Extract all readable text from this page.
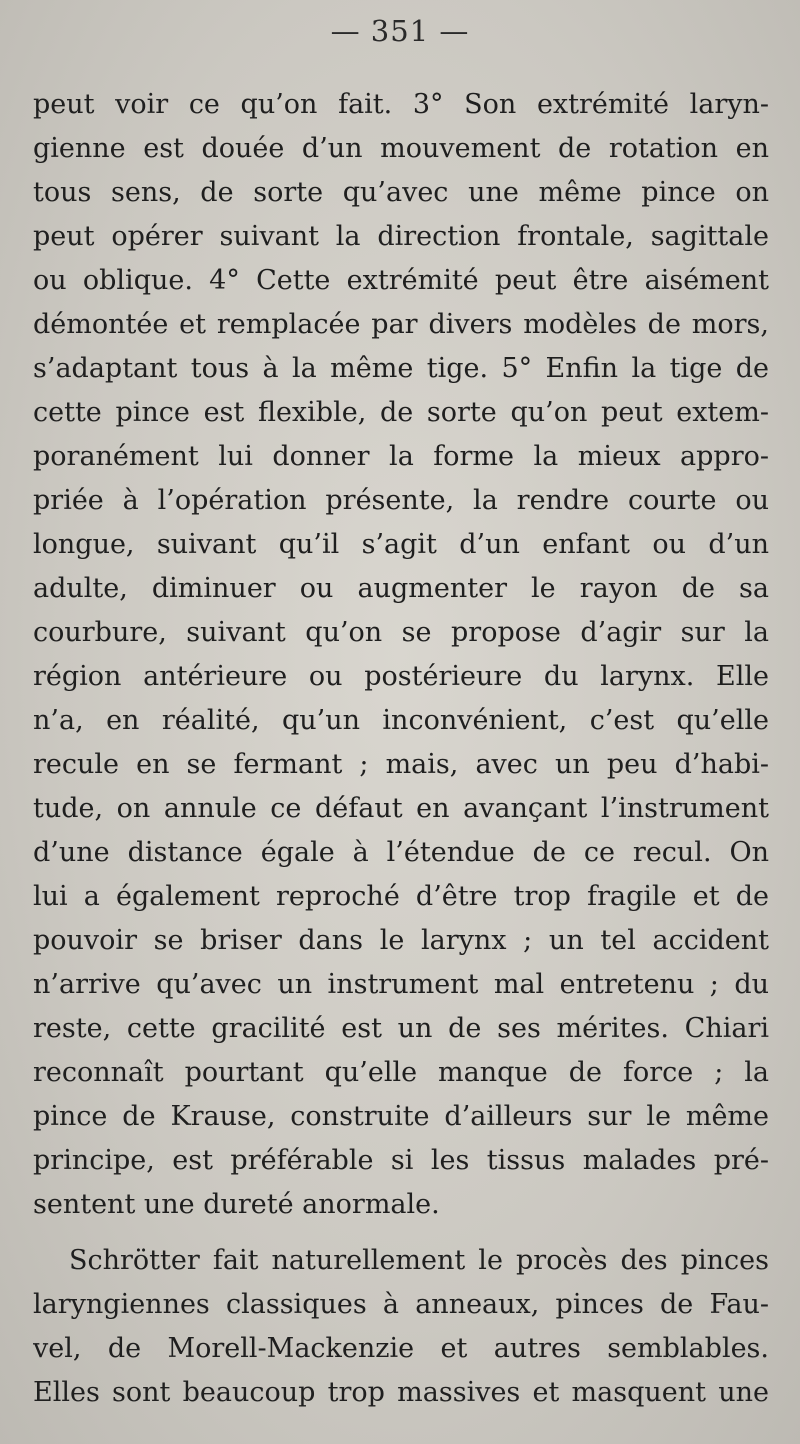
— 351 —
peut voir ce qu’on fait. 3° Son extrémité laryn-
gienne est douée d’un mouvement de rotation en
tous sens, de sorte qu’avec une même pince on
peut opérer suivant la direction frontale, sagittale
ou oblique. 4° Cette extrémité peut être aisément
démontée et remplacée par divers modèles de mors,
s’adaptant tous à la même tige. 5° Enfin la tige de
cette pince est flexible, de sorte qu’on peut extem-
poranément lui donner la forme la mieux appro-
priée à l’opération présente, la rendre courte ou
longue, suivant qu’il s’agit d’un enfant ou d’un
adulte, diminuer ou augmenter le rayon de sa
courbure, suivant qu’on se propose d’agir sur la
région antérieure ou postérieure du larynx. Elle
n’a, en réalité, qu’un inconvénient, c’est qu’elle
recule en se fermant ; mais, avec un peu d’habi-
tude, on annule ce défaut en avançant l’instrument
d’une distance égale à l’étendue de ce recul. On
lui a également reproché d’être trop fragile et de
pouvoir se briser dans le larynx ; un tel accident
n’arrive qu’avec un instrument mal entretenu ; du
reste, cette gracilité est un de ses mérites. Chiari
reconnaît pourtant qu’elle manque de force ; la
pince de Krause, construite d’ailleurs sur le même
principe, est préférable si les tissus malades pré-
sentent une dureté anormale.
Schrötter fait naturellement le procès des pinces
laryngiennes classiques à anneaux, pinces de Fau-
vel, de Morell-Mackenzie et autres semblables.
Elles sont beaucoup trop massives et masquent une
